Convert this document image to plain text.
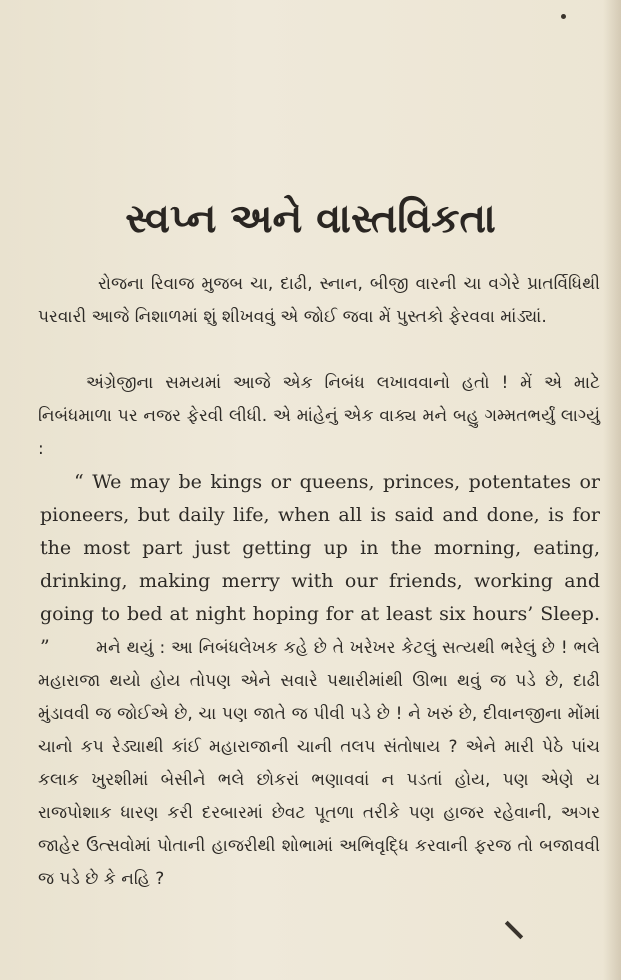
સ્વપ્ન અને વાસ્તવિકતા
રોજના રિવાજ મુજબ ચા, દાઢી, સ્નાન, બીજી વારની ચા વગેરે પ્રાતર્વિધિથી પરવારી આજે નિશાળમાં શું શીખવવું એ જોઈ જવા મેં પુસ્તકો ફેરવવા માંડ્યાં.
અંગ્રેજીના સમયમાં આજે એક નિબંધ લખાવવાનો હતો ! મેં એ માટે નિબંધમાળા પર નજર ફેરવી લીધી. એ માંહેનું એક વાક્ય મને બહુ ગમ્મતભર્યું લાગ્યું :
“ We may be kings or queens, princes, potentates or pioneers, but daily life, when all is said and done, is for the most part just getting up in the morning, eating, drinking, making merry with our friends, working and going to bed at night hoping for at least six hours’ Sleep. ”	મને થયું : આ નિબંધલેખક કહે છે તે ખરેખર કેટલું સત્યથી ભરેલું છે ! ભલે મહારાજા થયો હોય તોપણ એને સવારે પથારીમાંથી ઊભા થવું જ પડે છે, દાઢી મુંડાવવી જ જોઈએ છે, ચા પણ જાતે જ પીવી પડે છે ! ને ખરું છે, દીવાનજીના મોંમાં ચાનો કપ રેડ્યાથી કાંઈ મહારાજાની ચાની તલપ સંતોષાય ? એને મારી પેઠે પાંચ કલાક ખુરશીમાં બેસીને ભલે છોકરાં ભણાવવાં ન પડતાં હોય, પણ એણે ય રાજપોશાક ધારણ કરી દરબારમાં છેવટ પૂતળા તરીકે પણ હાજર રહેવાની, અગર જાહેર ઉત્સવોમાં પોતાની હાજરીથી શોભામાં અભિવૃદ્ધિ કરવાની ફરજ તો બજાવવી જ પડે છે કે નહિ ?
